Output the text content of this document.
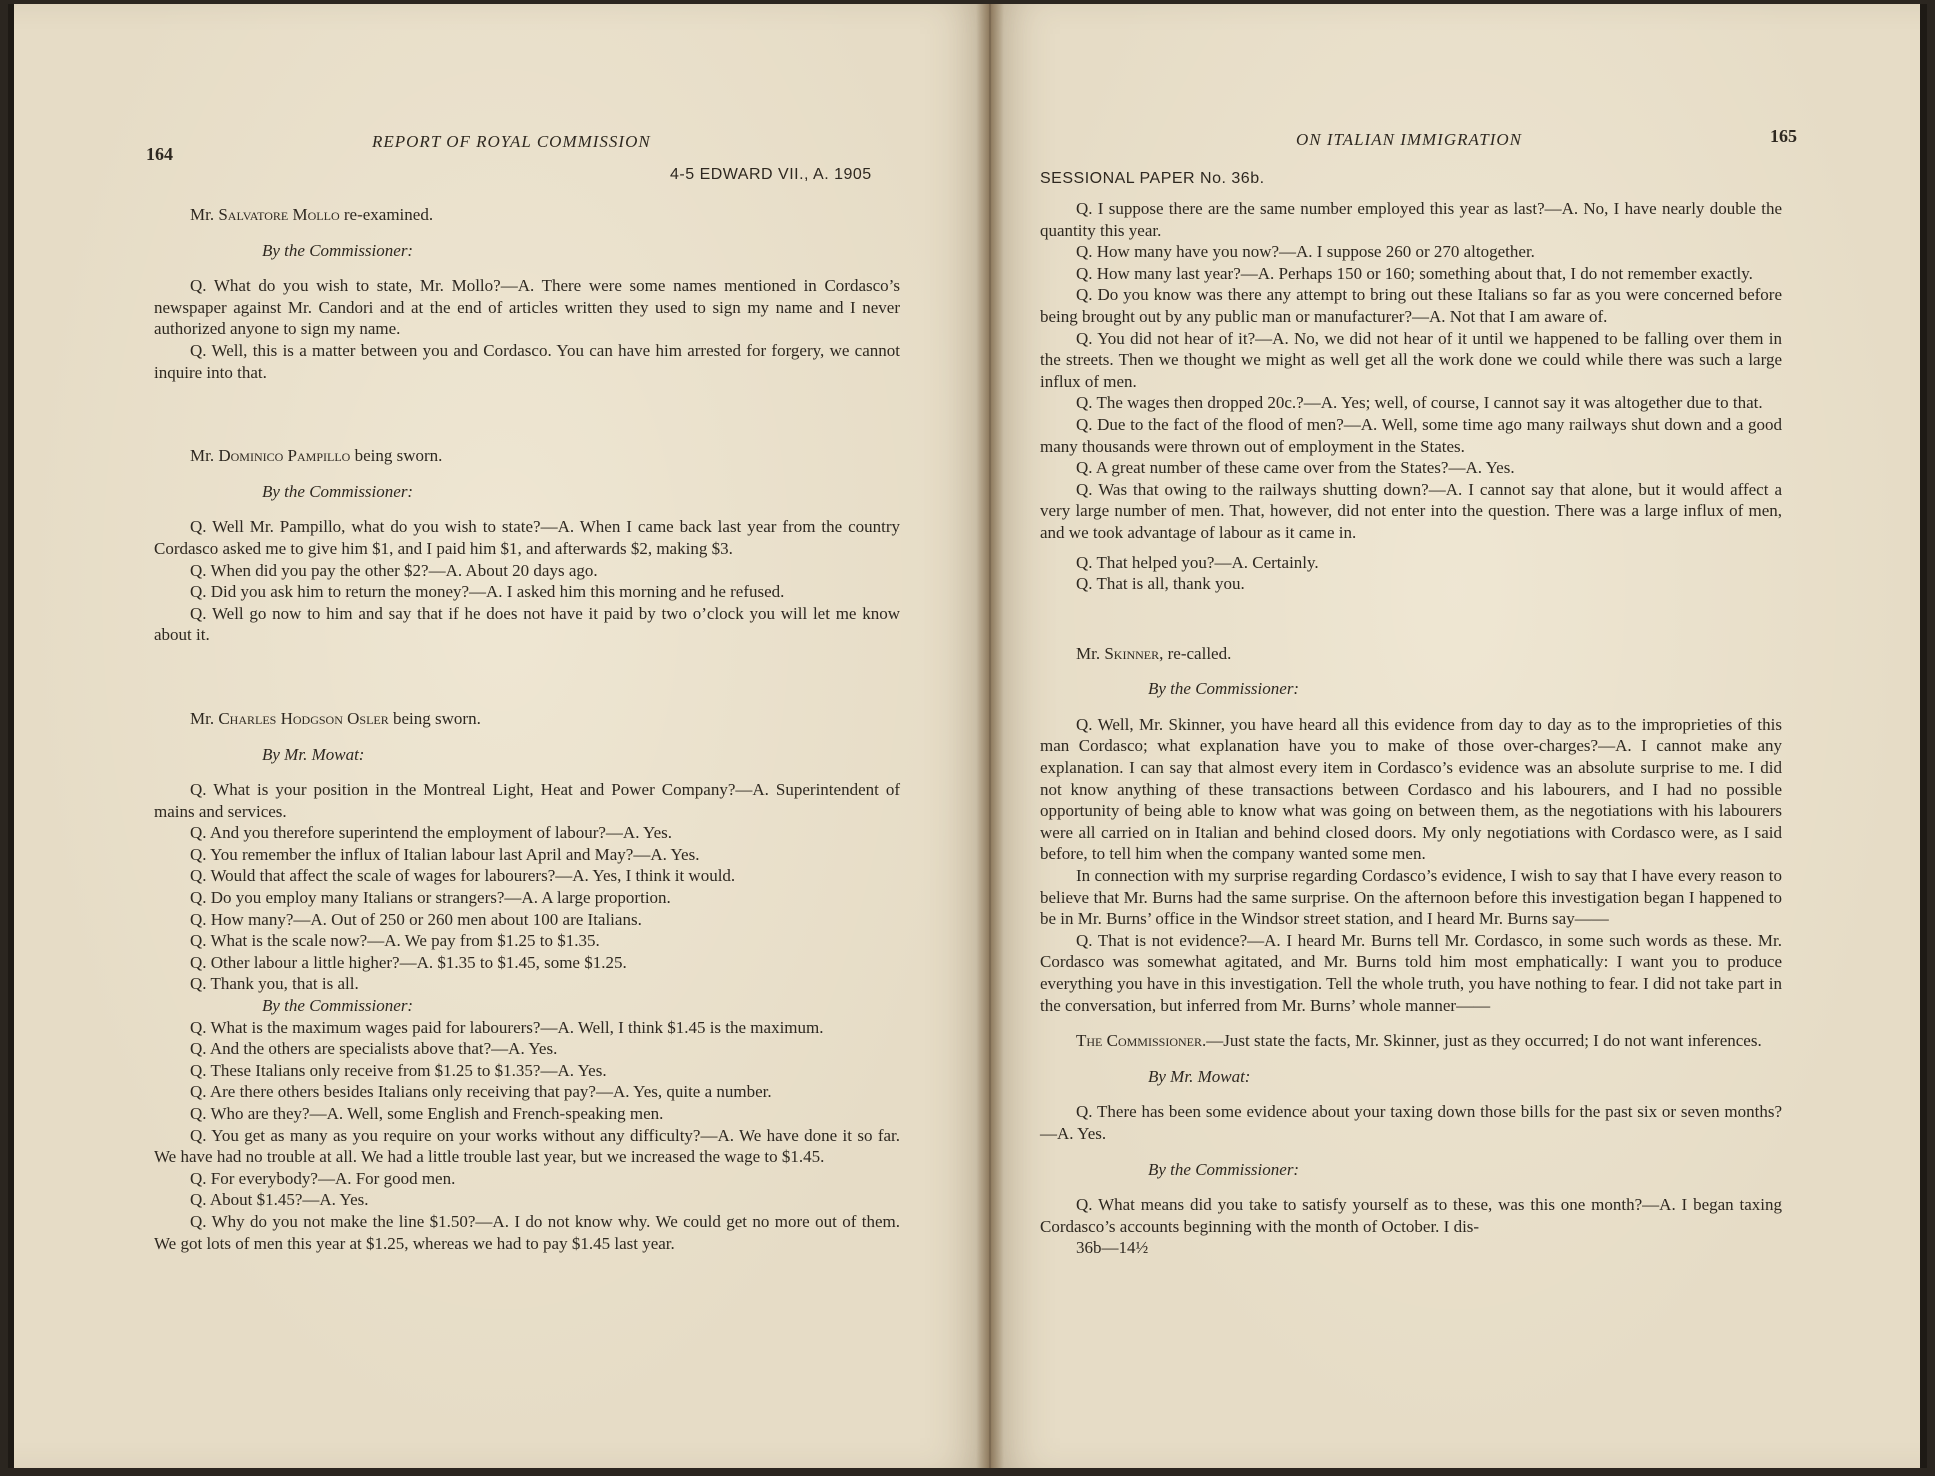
164
REPORT OF ROYAL COMMISSION
4-5 EDWARD VII., A. 1905

Mr. Salvatore Mollo re-examined.

By the Commissioner:

Q. What do you wish to state, Mr. Mollo?—A. There were some names mentioned in Cordasco’s newspaper against Mr. Candori and at the end of articles written they used to sign my name and I never authorized anyone to sign my name.

Q. Well, this is a matter between you and Cordasco. You can have him arrested for forgery, we cannot inquire into that.

Mr. Dominico Pampillo being sworn.

By the Commissioner:

Q. Well Mr. Pampillo, what do you wish to state?—A. When I came back last year from the country Cordasco asked me to give him $1, and I paid him $1, and afterwards $2, making $3.

Q. When did you pay the other $2?—A. About 20 days ago.

Q. Did you ask him to return the money?—A. I asked him this morning and he refused.

Q. Well go now to him and say that if he does not have it paid by two o’clock you will let me know about it.

Mr. Charles Hodgson Osler being sworn.

By Mr. Mowat:

Q. What is your position in the Montreal Light, Heat and Power Company?—A. Superintendent of mains and services.

Q. And you therefore superintend the employment of labour?—A. Yes.

Q. You remember the influx of Italian labour last April and May?—A. Yes.

Q. Would that affect the scale of wages for labourers?—A. Yes, I think it would.

Q. Do you employ many Italians or strangers?—A. A large proportion.

Q. How many?—A. Out of 250 or 260 men about 100 are Italians.

Q. What is the scale now?—A. We pay from $1.25 to $1.35.

Q. Other labour a little higher?—A. $1.35 to $1.45, some $1.25.

Q. Thank you, that is all.

By the Commissioner:

Q. What is the maximum wages paid for labourers?—A. Well, I think $1.45 is the maximum.

Q. And the others are specialists above that?—A. Yes.

Q. These Italians only receive from $1.25 to $1.35?—A. Yes.

Q. Are there others besides Italians only receiving that pay?—A. Yes, quite a number.

Q. Who are they?—A. Well, some English and French-speaking men.

Q. You get as many as you require on your works without any difficulty?—A. We have done it so far. We have had no trouble at all. We had a little trouble last year, but we increased the wage to $1.45.

Q. For everybody?—A. For good men.

Q. About $1.45?—A. Yes.

Q. Why do you not make the line $1.50?—A. I do not know why. We could get no more out of them. We got lots of men this year at $1.25, whereas we had to pay $1.45 last year.

ON ITALIAN IMMIGRATION	165
SESSIONAL PAPER No. 36b.

Q. I suppose there are the same number employed this year as last?—A. No, I have nearly double the quantity this year.

Q. How many have you now?—A. I suppose 260 or 270 altogether.

Q. How many last year?—A. Perhaps 150 or 160; something about that, I do not remember exactly.

Q. Do you know was there any attempt to bring out these Italians so far as you were concerned before being brought out by any public man or manufacturer?—A. Not that I am aware of.

Q. You did not hear of it?—A. No, we did not hear of it until we happened to be falling over them in the streets. Then we thought we might as well get all the work done we could while there was such a large influx of men.

Q. The wages then dropped 20c.?—A. Yes; well, of course, I cannot say it was altogether due to that.

Q. Due to the fact of the flood of men?—A. Well, some time ago many railways shut down and a good many thousands were thrown out of employment in the States.

Q. A great number of these came over from the States?—A. Yes.

Q. Was that owing to the railways shutting down?—A. I cannot say that alone, but it would affect a very large number of men. That, however, did not enter into the question. There was a large influx of men, and we took advantage of labour as it came in.

Q. That helped you?—A. Certainly.

Q. That is all, thank you.

Mr. Skinner, re-called.

By the Commissioner:

Q. Well, Mr. Skinner, you have heard all this evidence from day to day as to the improprieties of this man Cordasco; what explanation have you to make of those over-charges?—A. I cannot make any explanation. I can say that almost every item in Cordasco’s evidence was an absolute surprise to me. I did not know anything of these transactions between Cordasco and his labourers, and I had no possible opportunity of being able to know what was going on between them, as the negotiations with his labourers were all carried on in Italian and behind closed doors. My only negotiations with Cordasco were, as I said before, to tell him when the company wanted some men.

In connection with my surprise regarding Cordasco’s evidence, I wish to say that I have every reason to believe that Mr. Burns had the same surprise. On the afternoon before this investigation began I happened to be in Mr. Burns’ office in the Windsor street station, and I heard Mr. Burns say——

Q. That is not evidence?—A. I heard Mr. Burns tell Mr. Cordasco, in some such words as these. Mr. Cordasco was somewhat agitated, and Mr. Burns told him most emphatically: I want you to produce everything you have in this investigation. Tell the whole truth, you have nothing to fear. I did not take part in the conversation, but inferred from Mr. Burns’ whole manner——

The Commissioner.—Just state the facts, Mr. Skinner, just as they occurred; I do not want inferences.

By Mr. Mowat:

Q. There has been some evidence about your taxing down those bills for the past six or seven months?—A. Yes.

By the Commissioner:

Q. What means did you take to satisfy yourself as to these, was this one month?—A. I began taxing Cordasco’s accounts beginning with the month of October. I dis-

36b—14½
